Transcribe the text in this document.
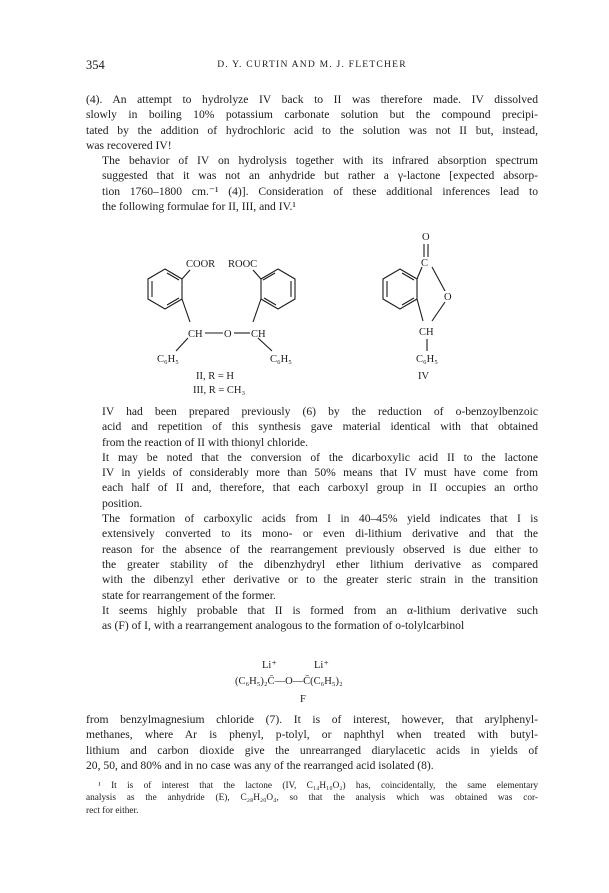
354	D. Y. CURTIN AND M. J. FLETCHER

(4). An attempt to hydrolyze IV back to II was therefore made. IV dissolved
slowly in boiling 10% potassium carbonate solution but the compound precipi-
tated by the addition of hydrochloric acid to the solution was not II but, instead,
was recovered IV!

The behavior of IV on hydrolysis together with its infrared absorption spectrum
suggested that it was not an anhydride but rather a γ-lactone [expected absorp-
tion 1760–1800 cm.⁻¹ (4)]. Consideration of these additional inferences lead to
the following formulae for II, III, and IV.¹

COOR ROOC
CH O CH
C₆H₅	C₆H₅
II, R = H
III, R = CH₃
O
C
O
CH
C₆H₅
IV

IV had been prepared previously (6) by the reduction of o-benzoylbenzoic
acid and repetition of this synthesis gave material identical with that obtained
from the reaction of II with thionyl chloride.

It may be noted that the conversion of the dicarboxylic acid II to the lactone
IV in yields of considerably more than 50% means that IV must have come from
each half of II and, therefore, that each carboxyl group in II occupies an ortho
position.

The formation of carboxylic acids from I in 40–45% yield indicates that I is
extensively converted to its mono- or even di-lithium derivative and that the
reason for the absence of the rearrangement previously observed is due either to
the greater stability of the dibenzhydryl ether lithium derivative as compared
with the dibenzyl ether derivative or to the greater steric strain in the transition
state for rearrangement of the former.

It seems highly probable that II is formed from an α-lithium derivative such
as (F) of I, with a rearrangement analogous to the formation of o-tolylcarbinol

Li⁺	Li⁺
(C₆H₅)₂C̄—O—C̄(C₆H₅)₂
F

from benzylmagnesium chloride (7). It is of interest, however, that arylphenyl-
methanes, where Ar is phenyl, p-tolyl, or naphthyl when treated with butyl-
lithium and carbon dioxide give the unrearranged diarylacetic acids in yields of
20, 50, and 80% and in no case was any of the rearranged acid isolated (8).

¹ It is of interest that the lactone (IV, C₁₄H₁₀O₂) has, coincidentally, the same elementary
analysis as the anhydride (E), C₂₈H₂₀O₄, so that the analysis which was obtained was cor-
rect for either.
